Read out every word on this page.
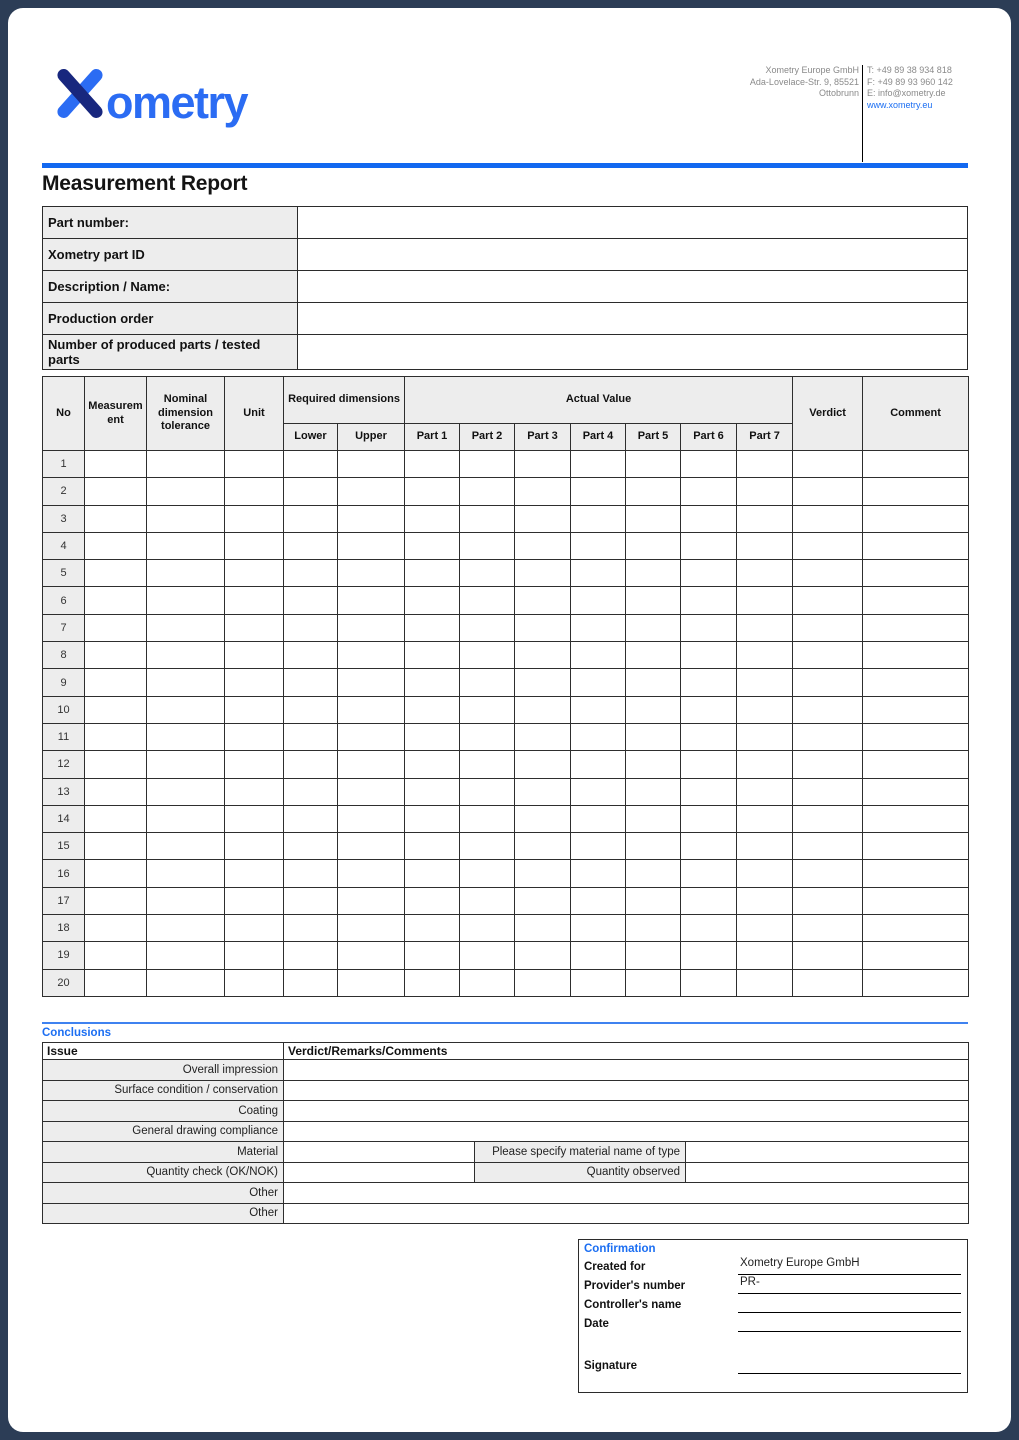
ometry
Xometry Europe GmbH
Ada-Lovelace-Str. 9, 85521
Ottobrunn
T: +49 89 38 934 818
F: +49 89 93 960 142
E: info@xometry.de
www.xometry.eu
Measurement Report
Part number:	
Xometry part ID	
Description / Name:	
Production order	
Number of produced parts / tested parts	
No	Measurement	Nominal dimension tolerance	Unit	Required dimensions		Actual Value							Verdict	Comment
				Lower	Upper	Part 1	Part 2	Part 3	Part 4	Part 5	Part 6	Part 7		
1														
2														
3														
4														
5														
6														
7														
8														
9														
10														
11														
12														
13														
14														
15														
16														
17														
18														
19														
20														
Conclusions
Issue	Verdict/Remarks/Comments		
Overall impression			
Surface condition / conservation			
Coating			
General drawing compliance			
Material		Please specify material name of type	
Quantity check (OK/NOK)		Quantity observed	
Other			
Other			
Confirmation
Created for	Xometry Europe GmbH
Provider's number	PR-
Controller's name
Date
Signature
